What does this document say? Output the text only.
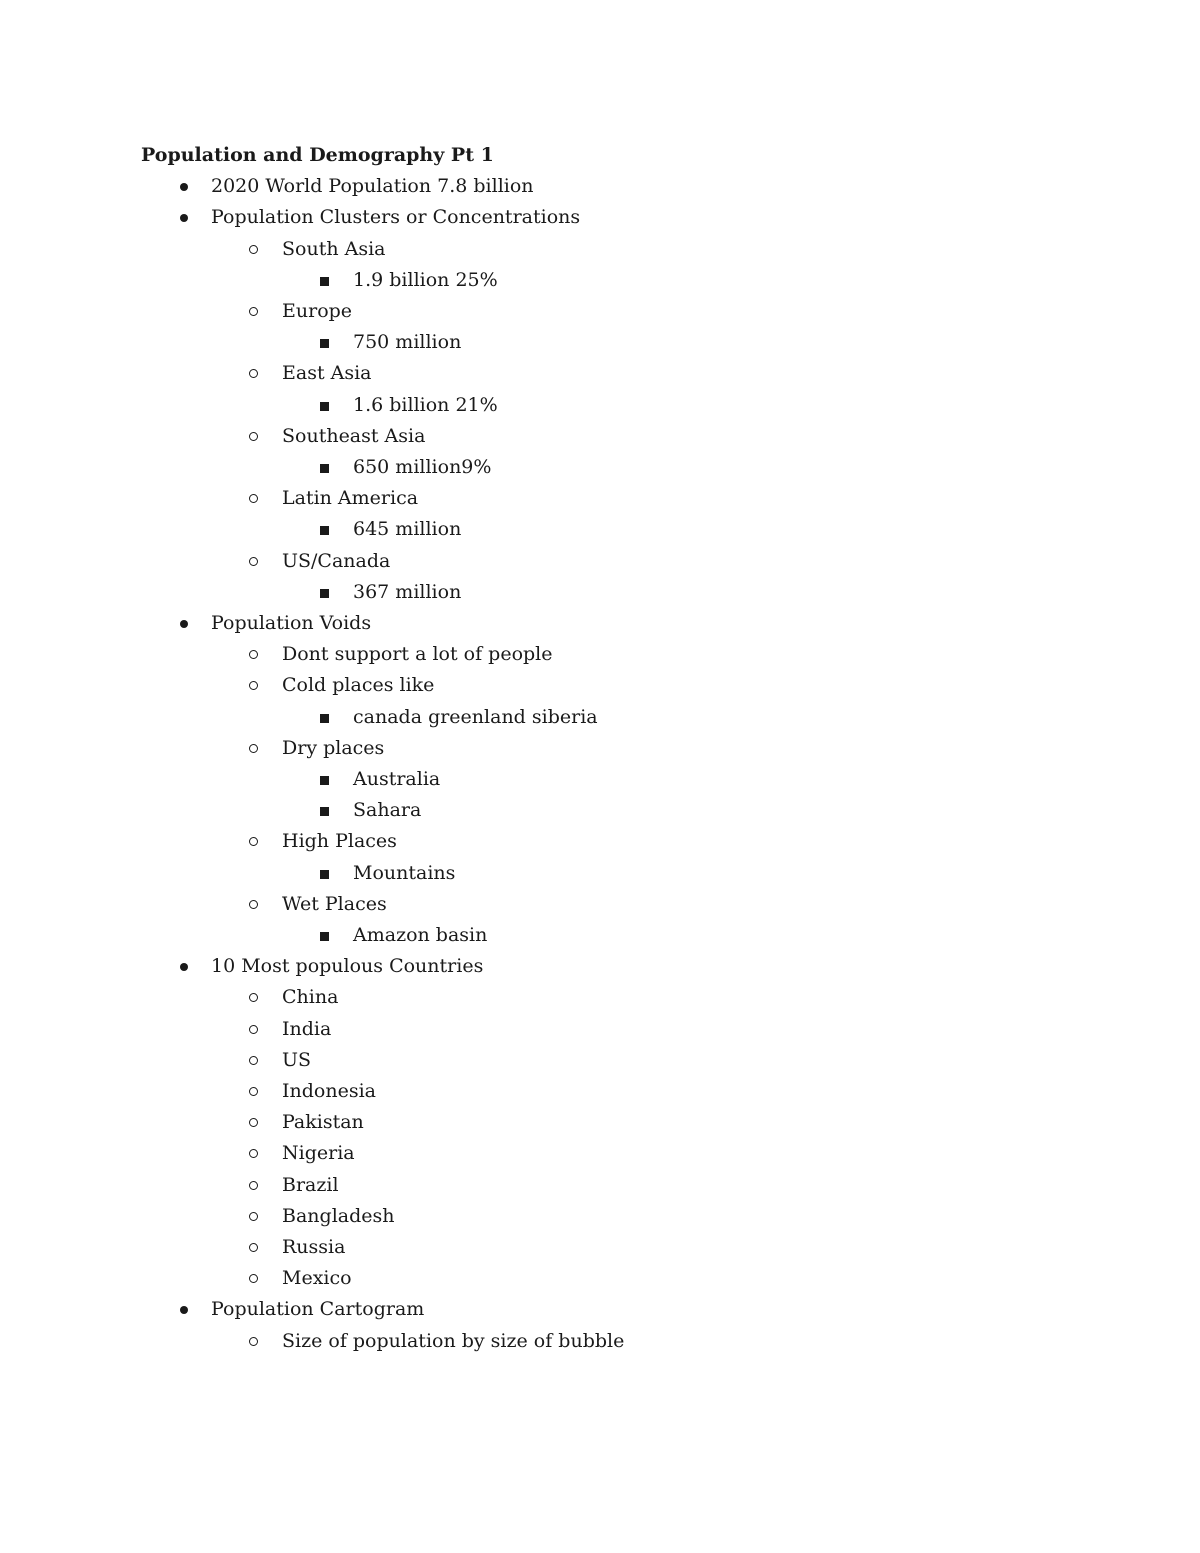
Population and Demography Pt 1
2020 World Population 7.8 billion
Population Clusters or Concentrations
South Asia
1.9 billion 25%
Europe
750 million
East Asia
1.6 billion 21%
Southeast Asia
650 million9%
Latin America
645 million
US/Canada
367 million
Population Voids
Dont support a lot of people
Cold places like
canada greenland siberia
Dry places
Australia
Sahara
High Places
Mountains
Wet Places
Amazon basin
10 Most populous Countries
China
India
US
Indonesia
Pakistan
Nigeria
Brazil
Bangladesh
Russia
Mexico
Population Cartogram
Size of population by size of bubble
